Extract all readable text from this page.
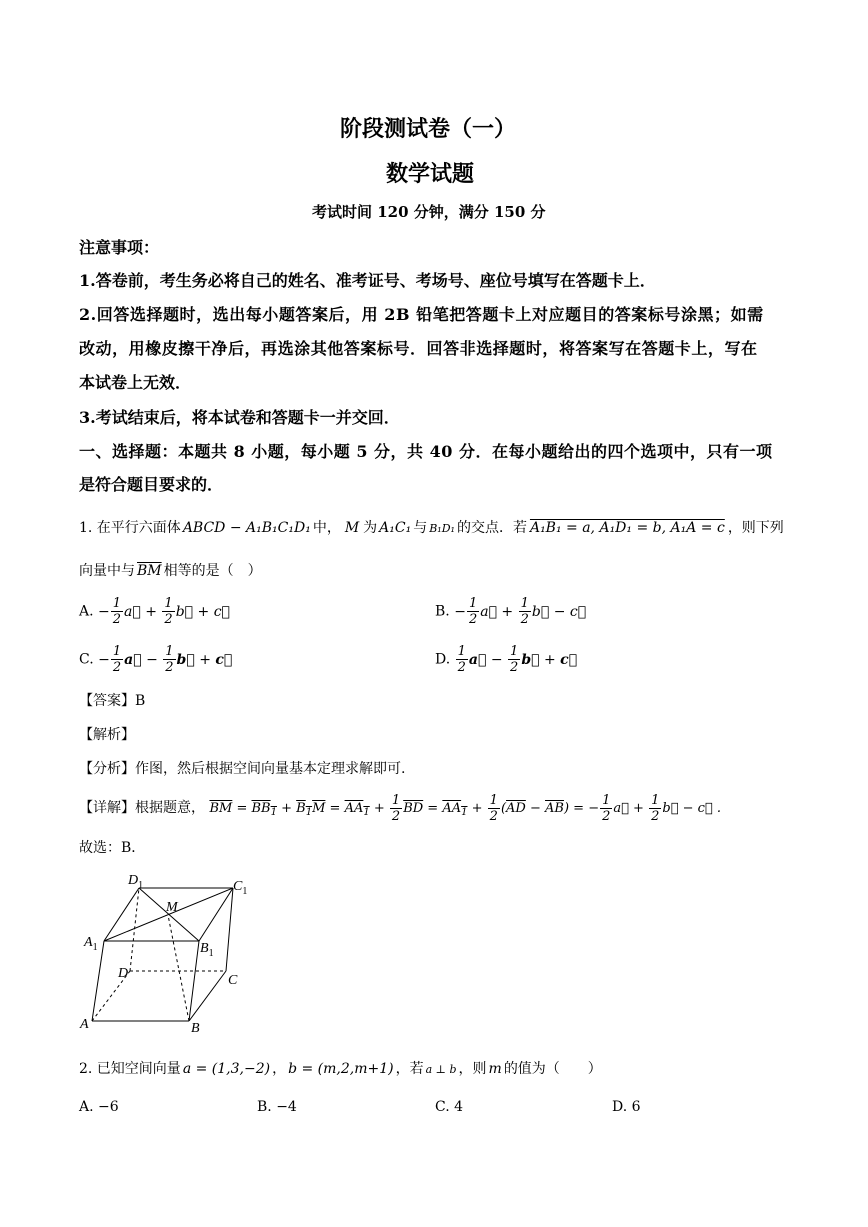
阶段测试卷（一）
数学试题
考试时间 120 分钟，满分 150 分
注意事项：
1.答卷前，考生务必将自己的姓名、准考证号、考场号、座位号填写在答题卡上．
2.回答选择题时，选出每小题答案后，用 2B 铅笔把答题卡上对应题目的答案标号涂黑；如需
改动，用橡皮擦干净后，再选涂其他答案标号．回答非选择题时，将答案写在答题卡上，写在
本试卷上无效．
3.考试结束后，将本试卷和答题卡一并交回．
一、选择题：本题共 8 小题，每小题 5 分，共 40 分．在每小题给出的四个选项中，只有一项
是符合题目要求的．
1. 在平行六面体 ABCD − A₁B₁C₁D₁ 中， M 为 A₁C₁ 与 B₁D₁ 的交点．若 A₁B₁ = a, A₁D₁ = b, A₁A = c ，则下列
向量中与 $\overline{BM}$ 相等的是（　）
A. − $\frac{1}{2}$ a⃗ + $\frac{1}{2}$ b⃗ + c⃗	B. − $\frac{1}{2}$ a⃗ + $\frac{1}{2}$ b⃗ − c⃗
C. − $\frac{1}{2}$ a⃗ − $\frac{1}{2}$ b⃗ + c⃗	D. $\frac{1}{2}$ a⃗ − $\frac{1}{2}$ b⃗ + c⃗
【答案】B
【解析】
【分析】作图，然后根据空间向量基本定理求解即可.
【详解】根据题意， $\overline{BM} = BB_1 + B_1M = AA_1 + \frac{1}{2} \overline{BD} = AA_1 + \frac{1}{2} (\overline{AD} - \overline{AB})$ = − $\frac{1}{2}$ a⃗ + $\frac{1}{2}$ b⃗ − c⃗ .
故选：B．
$D_1$	$C_1$
M
$A_1$	$B_1$
D	C
A	B
2. 已知空间向量 a = (1,3,−2) ， b = (m,2,m+1) ，若 a ⊥ b ，则 m 的值为（　　）
A. −6	B. −4	C. 4	D. 6
